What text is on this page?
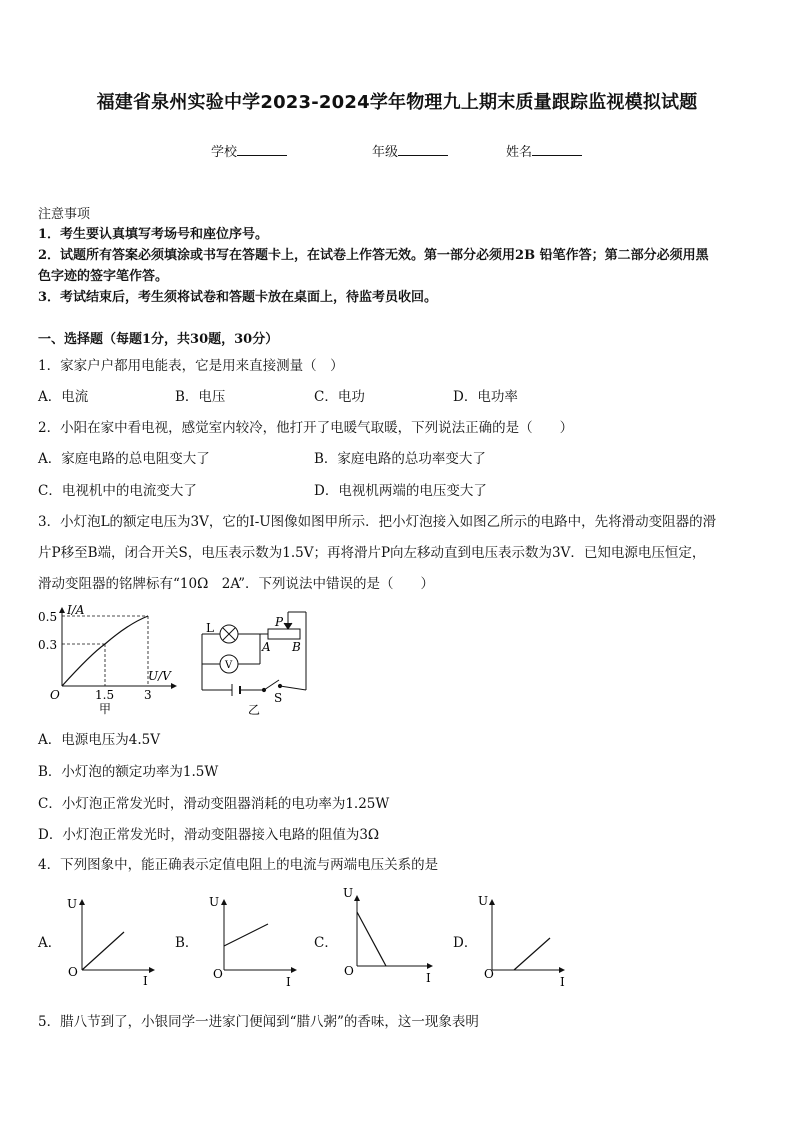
福建省泉州实验中学2023-2024学年物理九上期末质量跟踪监视模拟试题
学校	年级	姓名
注意事项
1．考生要认真填写考场号和座位序号。
2．试题所有答案必须填涂或书写在答题卡上，在试卷上作答无效。第一部分必须用2B 铅笔作答；第二部分必须用黑
色字迹的签字笔作答。
3．考试结束后，考生须将试卷和答题卡放在桌面上，待监考员收回。
一、选择题（每题1分，共30题，30分）
1．家家户户都用电能表，它是用来直接测量（　）
A．电流	B．电压	C．电功	D．电功率
2．小阳在家中看电视，感觉室内较冷，他打开了电暖气取暖，下列说法正确的是（　　）
A．家庭电路的总电阻变大了	B．家庭电路的总功率变大了
C．电视机中的电流变大了	D．电视机两端的电压变大了
3．小灯泡L的额定电压为3V，它的I-U图像如图甲所示．把小灯泡接入如图乙所示的电路中，先将滑动变阻器的滑
片P移至B端，闭合开关S，电压表示数为1.5V；再将滑片P向左移动直到电压表示数为3V．已知电源电压恒定，
滑动变阻器的铭牌标有“10Ω　2A”．下列说法中错误的是（　　）
I/A
U/V
0.5
0.3
O	1.5 3
甲
L
V
P
A B
S
乙
A．电源电压为4.5V
B．小灯泡的额定功率为1.5W
C．小灯泡正常发光时，滑动变阻器消耗的电功率为1.25W
D．小灯泡正常发光时，滑动变阻器接入电路的阻值为3Ω
4．下列图象中，能正确表示定值电阻上的电流与两端电压关系的是
A．
U
O
I
B．
U
O
I
C．
U
O	I
D．
U
O
I
5．腊八节到了，小银同学一进家门便闻到“腊八粥”的香味，这一现象表明
